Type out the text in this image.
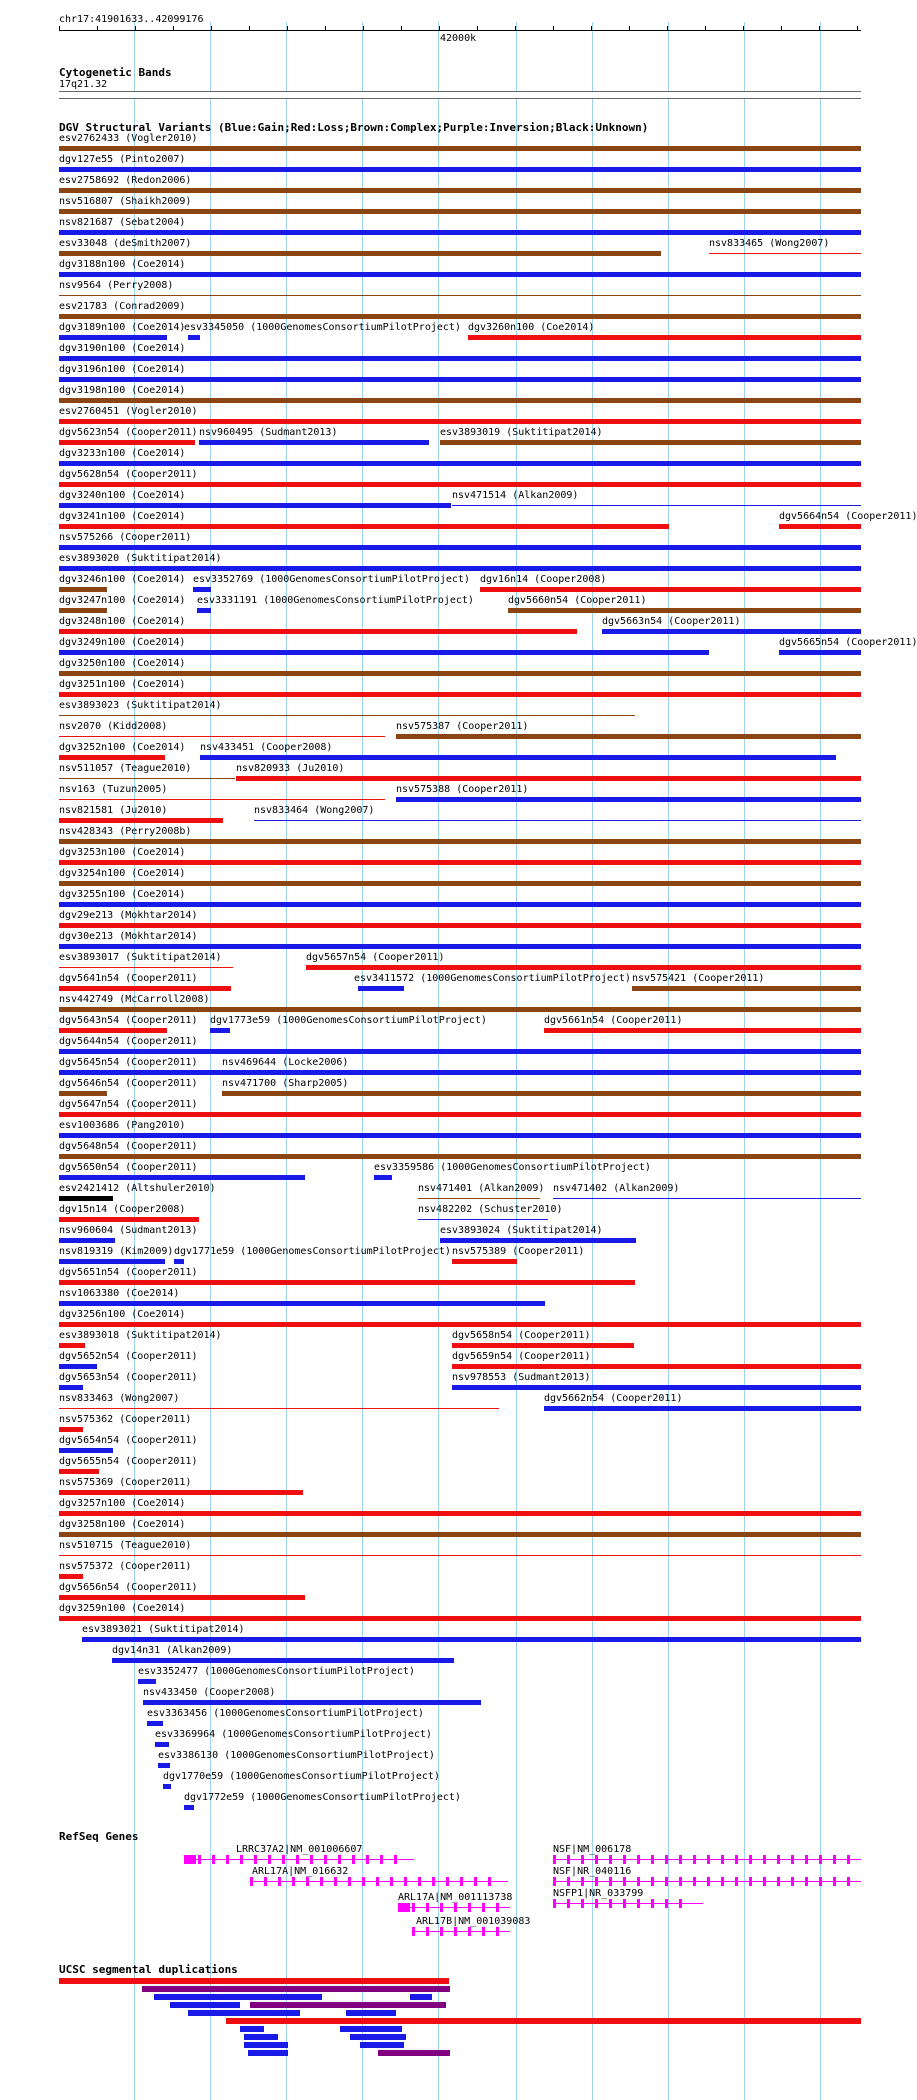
chr17:41901633..42099176
42000k
Cytogenetic Bands
17q21.32
DGV Structural Variants (Blue:Gain;Red:Loss;Brown:Complex;Purple:Inversion;Black:Unknown)
esv2762433 (Vogler2010)
dgv127e55 (Pinto2007)
esv2758692 (Redon2006)
nsv516807 (Shaikh2009)
nsv821687 (Sebat2004)
esv33048 (deSmith2007)	nsv833465 (Wong2007)
dgv3188n100 (Coe2014)
nsv9564 (Perry2008)
esv21783 (Conrad2009)
dgv3189n100 (Coe2014)
esv3345050 (1000GenomesConsortiumPilotProject) dgv3260n100 (Coe2014)
dgv3190n100 (Coe2014)
dgv3196n100 (Coe2014)
dgv3198n100 (Coe2014)
esv2760451 (Vogler2010)
dgv5623n54 (Cooper2011) nsv960495 (Sudmant2013)	esv3893019 (Suktitipat2014)
dgv3233n100 (Coe2014)
dgv5628n54 (Cooper2011)
dgv3240n100 (Coe2014)	nsv471514 (Alkan2009)
dgv3241n100 (Coe2014)	dgv5664n54 (Cooper2011)
nsv575266 (Cooper2011)
esv3893020 (Suktitipat2014)
dgv3246n100 (Coe2014) esv3352769 (1000GenomesConsortiumPilotProject) dgv16n14 (Cooper2008)
dgv3247n100 (Coe2014) esv3331191 (1000GenomesConsortiumPilotProject)	dgv5660n54 (Cooper2011)
dgv3248n100 (Coe2014)	dgv5663n54 (Cooper2011)
dgv3249n100 (Coe2014)	dgv5665n54 (Cooper2011)
dgv3250n100 (Coe2014)
dgv3251n100 (Coe2014)
esv3893023 (Suktitipat2014)
nsv2070 (Kidd2008)	nsv575387 (Cooper2011)
dgv3252n100 (Coe2014) nsv433451 (Cooper2008)
nsv511057 (Teague2010)	nsv820933 (Ju2010)
nsv163 (Tuzun2005)	nsv575388 (Cooper2011)
nsv821581 (Ju2010)	nsv833464 (Wong2007)
nsv428343 (Perry2008b)
dgv3253n100 (Coe2014)
dgv3254n100 (Coe2014)
dgv3255n100 (Coe2014)
dgv29e213 (Mokhtar2014)
dgv30e213 (Mokhtar2014)
esv3893017 (Suktitipat2014)	dgv5657n54 (Cooper2011)
dgv5641n54 (Cooper2011)	esv3411572 (1000GenomesConsortiumPilotProject) nsv575421 (Cooper2011)
nsv442749 (McCarroll2008)
dgv5643n54 (Cooper2011) dgv1773e59 (1000GenomesConsortiumPilotProject)	dgv5661n54 (Cooper2011)
dgv5644n54 (Cooper2011)
dgv5645n54 (Cooper2011) nsv469644 (Locke2006)
dgv5646n54 (Cooper2011) nsv471700 (Sharp2005)
dgv5647n54 (Cooper2011)
esv1003686 (Pang2010)
dgv5648n54 (Cooper2011)
dgv5650n54 (Cooper2011)	esv3359586 (1000GenomesConsortiumPilotProject)
esv2421412 (Altshuler2010)	nsv471401 (Alkan2009) nsv471402 (Alkan2009)
dgv15n14 (Cooper2008)	nsv482202 (Schuster2010)
nsv960604 (Sudmant2013)	esv3893024 (Suktitipat2014)
nsv819319 (Kim2009) dgv1771e59 (1000GenomesConsortiumPilotProject) nsv575389 (Cooper2011)
dgv5651n54 (Cooper2011)
nsv1063380 (Coe2014)
dgv3256n100 (Coe2014)
esv3893018 (Suktitipat2014)	dgv5658n54 (Cooper2011)
dgv5652n54 (Cooper2011)	dgv5659n54 (Cooper2011)
dgv5653n54 (Cooper2011)	nsv978553 (Sudmant2013)
nsv833463 (Wong2007)	dgv5662n54 (Cooper2011)
nsv575362 (Cooper2011)
dgv5654n54 (Cooper2011)
dgv5655n54 (Cooper2011)
nsv575369 (Cooper2011)
dgv3257n100 (Coe2014)
dgv3258n100 (Coe2014)
nsv510715 (Teague2010)
nsv575372 (Cooper2011)
dgv5656n54 (Cooper2011)
dgv3259n100 (Coe2014)
esv3893021 (Suktitipat2014)
dgv14n31 (Alkan2009)
esv3352477 (1000GenomesConsortiumPilotProject)
nsv433450 (Cooper2008)
esv3363456 (1000GenomesConsortiumPilotProject)
esv3369964 (1000GenomesConsortiumPilotProject)
esv3386130 (1000GenomesConsortiumPilotProject)
dgv1770e59 (1000GenomesConsortiumPilotProject)
dgv1772e59 (1000GenomesConsortiumPilotProject)
RefSeq Genes
LRRC37A2|NM_001006607
ARL17A|NM_016632
ARL17A|NM_001113738
ARL17B|NM_001039083
NSF|NM_006178
NSF|NR_040116
NSFP1|NR_033799
UCSC segmental duplications
